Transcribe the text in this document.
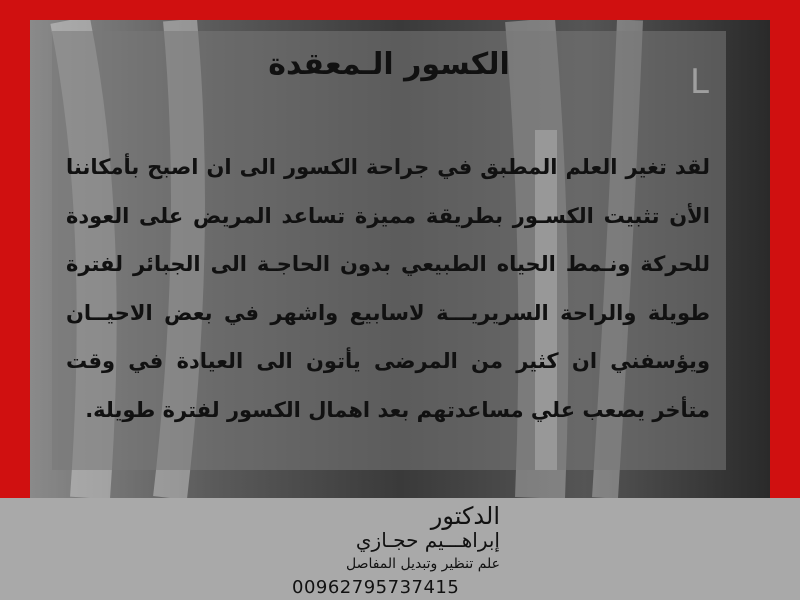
الكسور الـمعقدة

لقد تغير العلم المطبق في جراحة الكسور الى ان اصبح بأمكاننا الأن تثبيت الكسـور بطريقة مميزة تساعد المريض على العودة للحركة ونـمط الحياه الطبيعي بدون الحاجـة الى الجبائر لفترة طويلة والراحة السريريـــة لاسابيع واشهر في بعض الاحيــان ويؤسفني ان كثير من المرضى يأتون الى العيادة في وقت متأخر يصعب علي مساعدتهم بعد اهمال الكسور لفترة طويلة.

الدكتور
إبراهـــيم حجـازي
علم تنظير وتبديل المفاصل
00962795737415
